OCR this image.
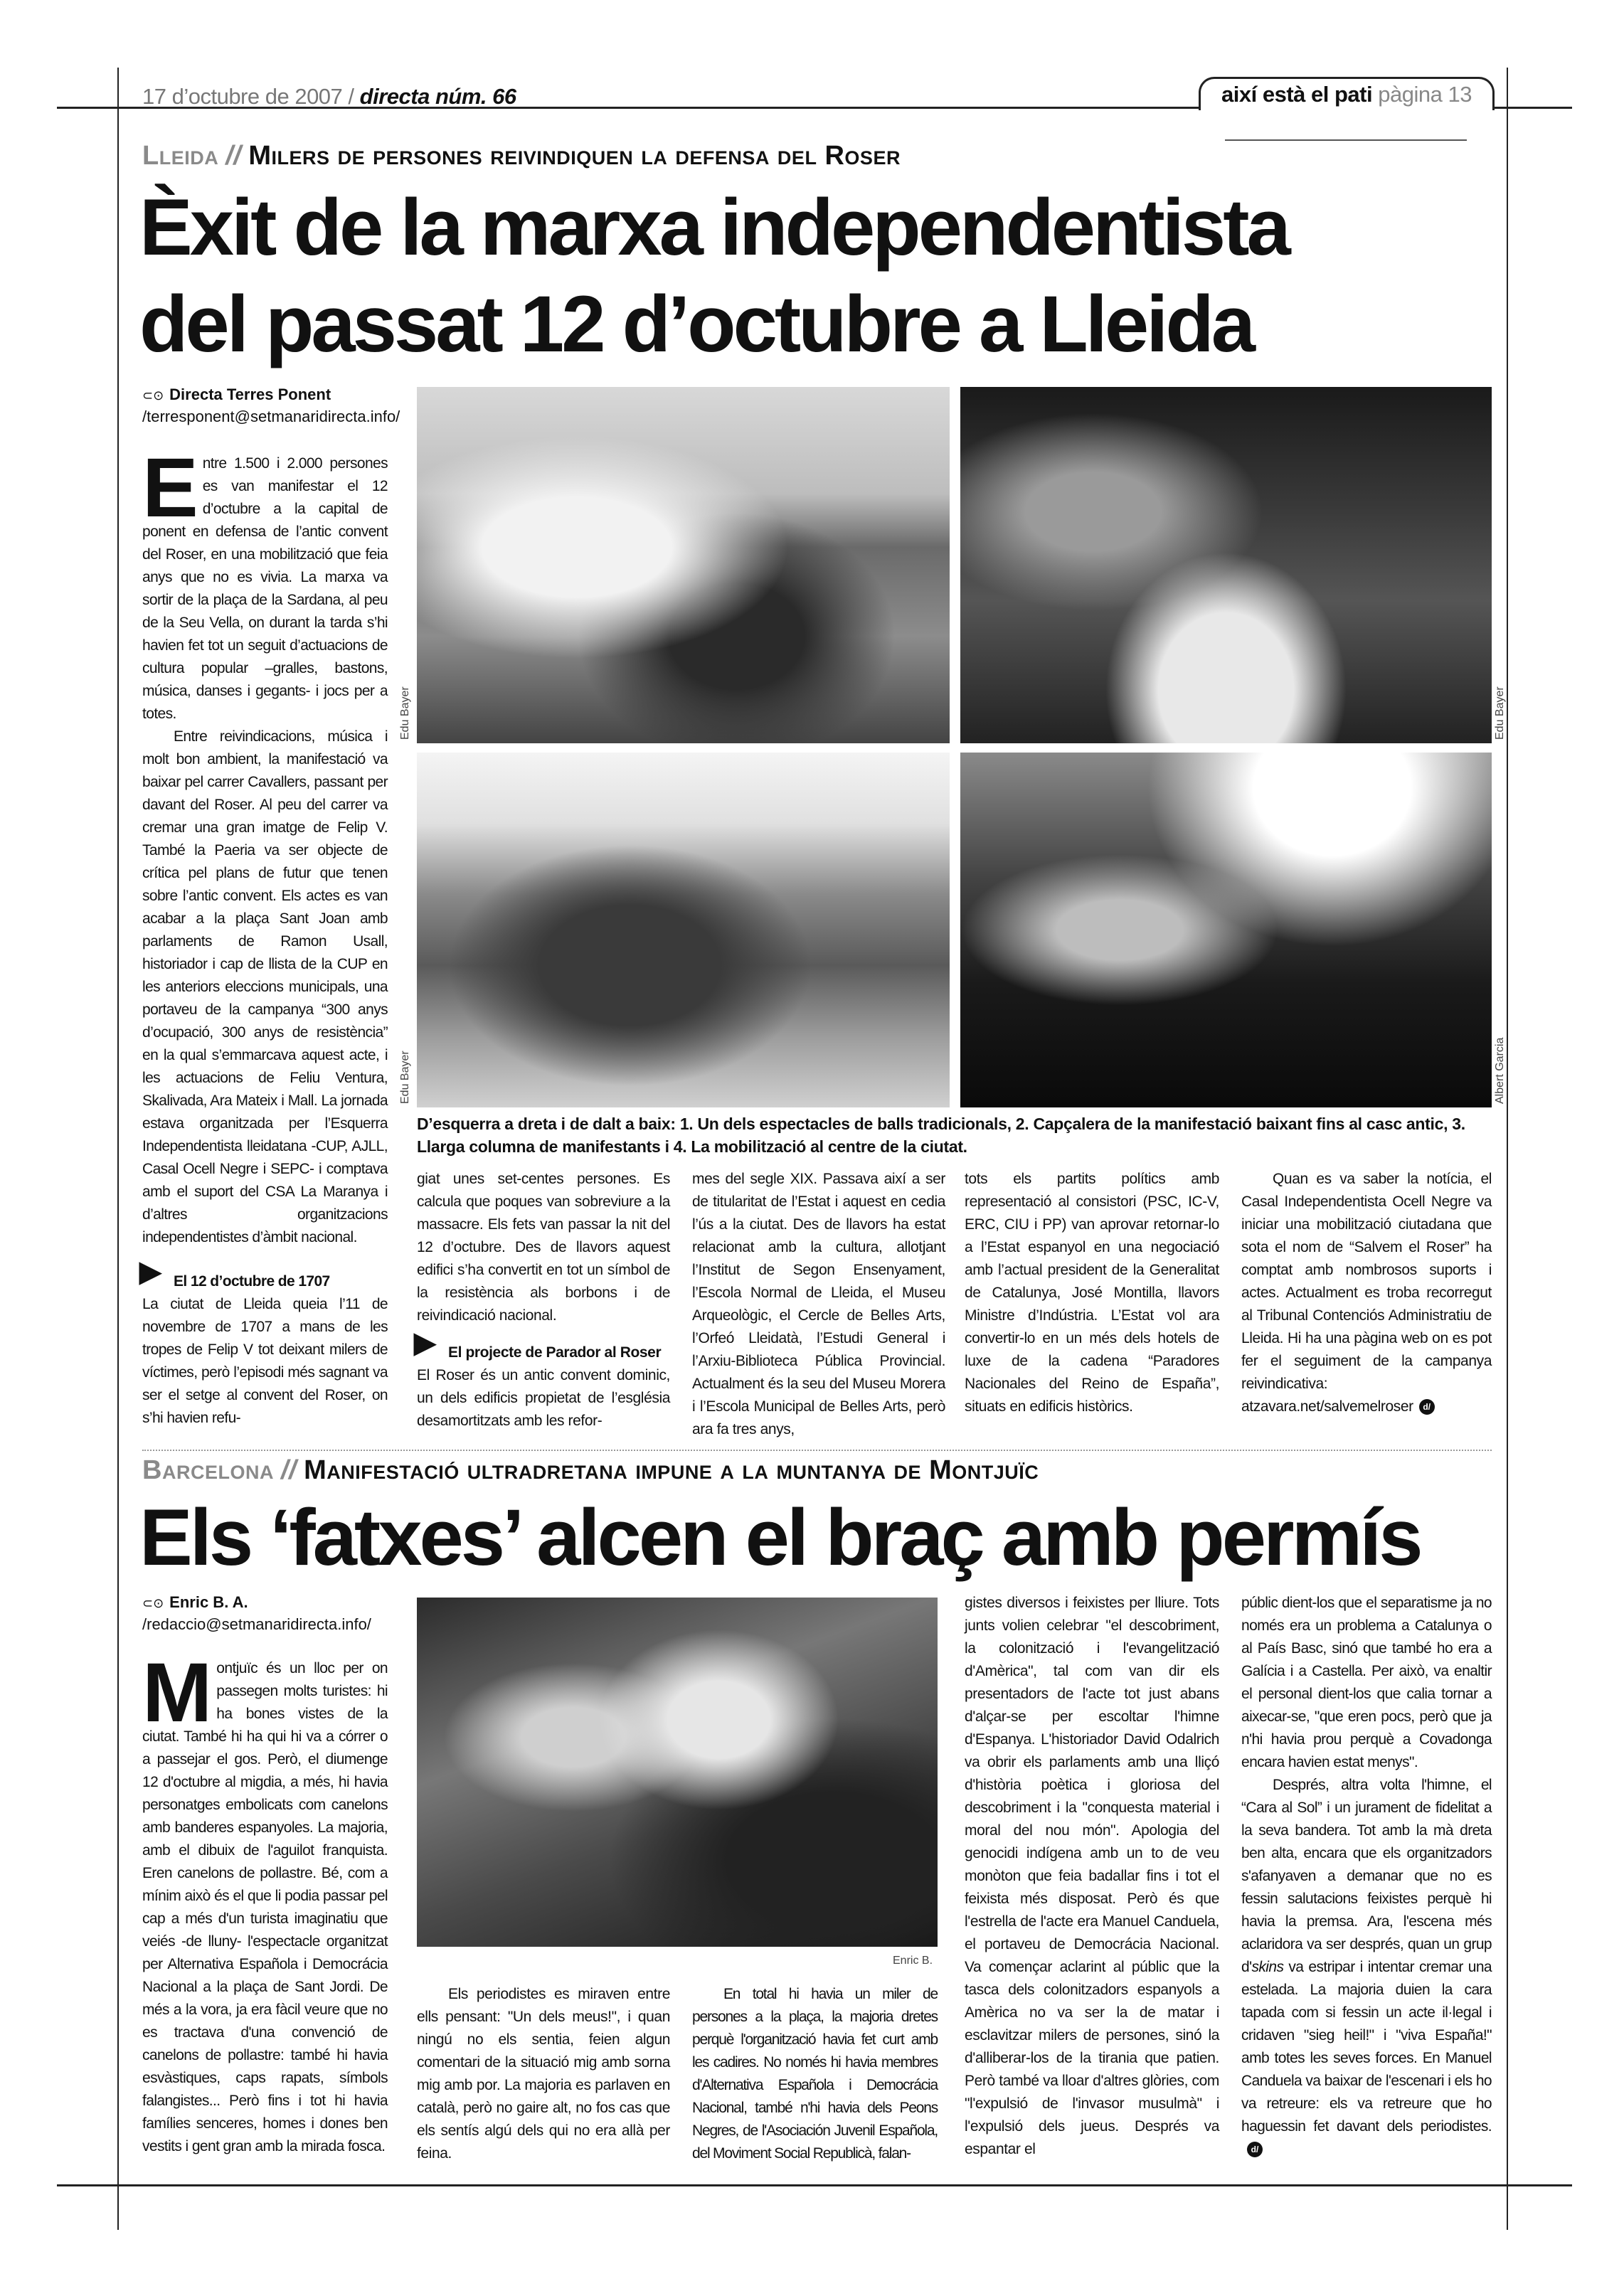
17 d’octubre de 2007 / directa núm. 66	així està el pati pàgina 13
Lleida // Milers de persones reivindiquen la defensa del Roser
Èxit de la marxa independentista
del passat 12 d’octubre a Lleida
⊂⊙ Directa Terres Ponent
/terresponent@setmanaridirecta.info/

Entre 1.500 i 2.000 persones es van manifestar el 12 d’octubre a la capital de ponent en defensa de l’antic convent del Roser, en una mobilització que feia anys que no es vivia. La marxa va sortir de la plaça de la Sardana, al peu de la Seu Vella, on durant la tarda s’hi havien fet tot un seguit d’actuacions de cultura popular –gralles, bastons, música, danses i gegants- i jocs per a totes.

Entre reivindicacions, música i molt bon ambient, la manifestació va baixar pel carrer Cavallers, passant per davant del Roser. Al peu del carrer va cremar una gran imatge de Felip V. També la Paeria va ser objecte de crítica pel plans de futur que tenen sobre l’antic convent. Els actes es van acabar a la plaça Sant Joan amb parlaments de Ramon Usall, historiador i cap de llista de la CUP en les anteriors eleccions municipals, una portaveu de la campanya “300 anys d’ocupació, 300 anys de resistència” en la qual s’emmarcava aquest acte, i les actuacions de Feliu Ventura, Skalivada, Ara Mateix i Mall. La jornada estava organitzada per l’Esquerra Independentista lleidatana -CUP, AJLL, Casal Ocell Negre i SEPC- i comptava amb el suport del CSA La Maranya i d’altres organitzacions independentistes d’àmbit nacional.

▶ El 12 d’octubre de 1707

La ciutat de Lleida queia l’11 de novembre de 1707 a mans de les tropes de Felip V tot deixant milers de víctimes, però l’episodi més sagnant va ser el setge al convent del Roser, on s’hi havien refu-

Edu Bayer	Edu Bayer
Edu Bayer	Albert Garcia
D’esquerra a dreta i de dalt a baix: 1. Un dels espectacles de balls tradicionals, 2. Capçalera de la manifestació baixant fins al casc antic, 3. Llarga columna de manifestants i 4. La mobilització al centre de la ciutat.

giat unes set-centes persones. Es calcula que poques van sobreviure a la massacre. Els fets van passar la nit del 12 d’octubre. Des de llavors aquest edifici s’ha convertit en tot un símbol de la resistència als borbons i de reivindicació nacional.

▶ El projecte de Parador al Roser

El Roser és un antic convent dominic, un dels edificis propietat de l’església desamortitzats amb les refor-

mes del segle XIX. Passava així a ser de titularitat de l’Estat i aquest en cedia l’ús a la ciutat. Des de llavors ha estat relacionat amb la cultura, allotjant l’Institut de Segon Ensenyament, l’Escola Normal de Lleida, el Museu Arqueològic, el Cercle de Belles Arts, l’Orfeó Lleidatà, l’Estudi General i l’Arxiu-Biblioteca Pública Provincial. Actualment és la seu del Museu Morera i l’Escola Municipal de Belles Arts, però ara fa tres anys,

tots els partits polítics amb representació al consistori (PSC, IC-V, ERC, CIU i PP) van aprovar retornar-lo a l’Estat espanyol en una negociació amb l’actual president de la Generalitat de Catalunya, José Montilla, llavors Ministre d’Indústria. L’Estat vol ara convertir-lo en un més dels hotels de luxe de la cadena “Paradores Nacionales del Reino de España”, situats en edificis històrics.

Quan es va saber la notícia, el Casal Independentista Ocell Negre va iniciar una mobilització ciutadana que sota el nom de “Salvem el Roser” ha comptat amb nombrosos suports i actes. Actualment es troba recorregut al Tribunal Contenciós Administratiu de Lleida. Hi ha una pàgina web on es pot fer el seguiment de la campanya reivindicativa: atzavara.net/salvemelroser d/

Barcelona // Manifestació ultradretana impune a la muntanya de Montjuïc
Els ‘fatxes’ alcen el braç amb permís
⊂⊙ Enric B. A.
/redaccio@setmanaridirecta.info/

Montjuïc és un lloc per on passegen molts turistes: hi ha bones vistes de la ciutat. També hi ha qui hi va a córrer o a passejar el gos. Però, el diumenge 12 d'octubre al migdia, a més, hi havia personatges embolicats com canelons amb banderes espanyoles. La majoria, amb el dibuix de l'aguilot franquista. Eren canelons de pollastre. Bé, com a mínim això és el que li podia passar pel cap a més d'un turista imaginatiu que veiés -de lluny- l'espectacle organitzat per Alternativa Española i Democrácia Nacional a la plaça de Sant Jordi. De més a la vora, ja era fàcil veure que no es tractava d'una convenció de canelons de pollastre: també hi havia esvàstiques, caps rapats, símbols falangistes... Però fins i tot hi havia famílies senceres, homes i dones ben vestits i gent gran amb la mirada fosca.

Enric B.

Els periodistes es miraven entre ells pensant: "Un dels meus!", i quan ningú no els sentia, feien algun comentari de la situació mig amb sorna mig amb por. La majoria es parlaven en català, però no gaire alt, no fos cas que els sentís algú dels qui no era allà per feina.

En total hi havia un miler de persones a la plaça, la majoria dretes perquè l'organització havia fet curt amb les cadires. No només hi havia membres d'Alternativa Española i Democrácia Nacional, també n'hi havia dels Peons Negres, de l'Asociación Juvenil Española, del Moviment Social Republicà, falan-

gistes diversos i feixistes per lliure. Tots junts volien celebrar "el descobriment, la colonització i l'evangelització d'Amèrica", tal com van dir els presentadors de l'acte tot just abans d'alçar-se per escoltar l'himne d'Espanya. L'historiador David Odalrich va obrir els parlaments amb una lliçó d'història poètica i gloriosa del descobriment i la "conquesta material i moral del nou món". Apologia del genocidi indígena amb un to de veu monòton que feia badallar fins i tot el feixista més disposat. Però és que l'estrella de l'acte era Manuel Canduela, el portaveu de Democrácia Nacional. Va començar aclarint al públic que la tasca dels colonitzadors espanyols a Amèrica no va ser la de matar i esclavitzar milers de persones, sinó la d'alliberar-los de la tirania que patien. Però també va lloar d'altres glòries, com "l'expulsió de l'invasor musulmà" i l'expulsió dels jueus. Després va espantar el

públic dient-los que el separatisme ja no només era un problema a Catalunya o al País Basc, sinó que també ho era a Galícia i a Castella. Per això, va enaltir el personal dient-los que calia tornar a aixecar-se, "que eren pocs, però que ja n'hi havia prou perquè a Covadonga encara havien estat menys".

Després, altra volta l'himne, el “Cara al Sol” i un jurament de fidelitat a la seva bandera. Tot amb la mà dreta ben alta, encara que els organitzadors s'afanyaven a demanar que no es fessin salutacions feixistes perquè hi havia la premsa. Ara, l'escena més aclaridora va ser després, quan un grup d'skins va estripar i intentar cremar una estelada. La majoria duien la cara tapada com si fessin un acte il·legal i cridaven "sieg heil!" i "viva España!" amb totes les seves forces. En Manuel Canduela va baixar de l'escenari i els ho va retreure: els va retreure que ho haguessin fet davant dels periodistes.d/
